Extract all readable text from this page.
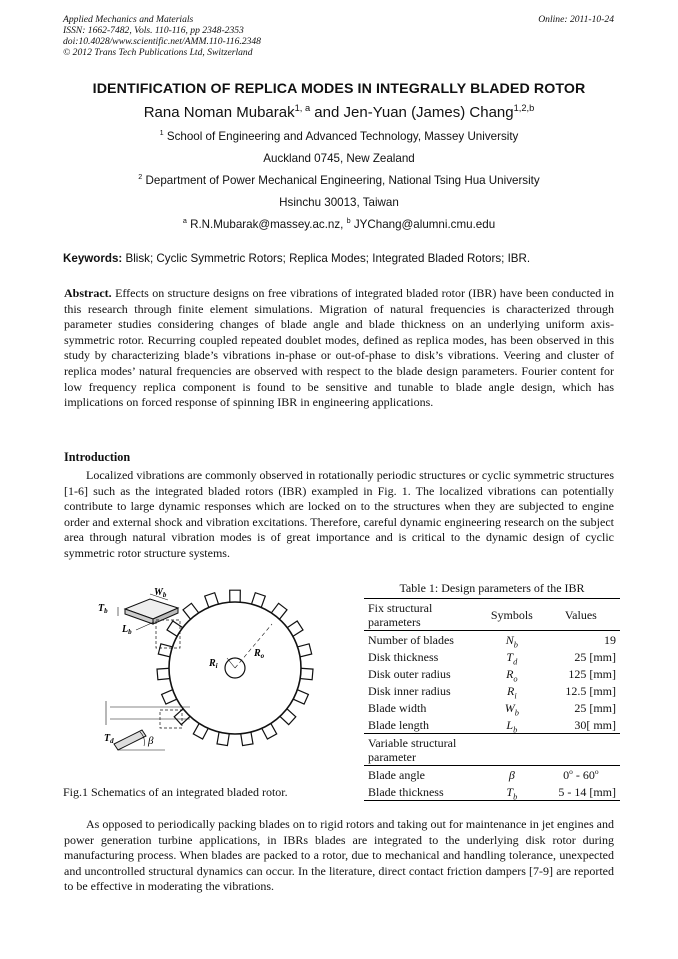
Applied Mechanics and Materials
ISSN: 1662-7482, Vols. 110-116, pp 2348-2353
doi:10.4028/www.scientific.net/AMM.110-116.2348
© 2012 Trans Tech Publications Ltd, Switzerland
Online: 2011-10-24
IDENTIFICATION OF REPLICA MODES IN INTEGRALLY BLADED ROTOR
Rana Noman Mubarak$^{1, a}$ and Jen-Yuan (James) Chang$^{1,2,b}$
$^1$ School of Engineering and Advanced Technology, Massey University
Auckland 0745, New Zealand
$^2$ Department of Power Mechanical Engineering, National Tsing Hua University
Hsinchu 30013, Taiwan
$^a$ R.N.Mubarak@massey.ac.nz, $^b$ JYChang@alumni.cmu.edu
Keywords: Blisk; Cyclic Symmetric Rotors; Replica Modes; Integrated Bladed Rotors; IBR.

Abstract. Effects on structure designs on free vibrations of integrated bladed rotor (IBR) have been conducted in this research through finite element simulations. Migration of natural frequencies is characterized through parameter studies considering changes of blade angle and blade thickness on an underlying uniform axis-symmetric rotor. Recurring coupled repeated doublet modes, defined as replica modes, has been observed in this study by characterizing blade’s vibrations in-phase or out-of-phase to disk’s vibrations. Veering and cluster of replica modes’ natural frequencies are observed with respect to the blade design parameters. Fourier content for low frequency replica component is found to be sensitive and tunable to blade angle design, which has implications on forced response of spinning IBR in engineering applications.

Introduction

Localized vibrations are commonly observed in rotationally periodic structures or cyclic symmetric structures [1-6] such as the integrated bladed rotors (IBR) exampled in Fig. 1. The localized vibrations can potentially contribute to large dynamic responses which are locked on to the structures when they are subjected to engine order and external shock and vibration excitations. Therefore, careful dynamic engineering research on the subject area through natural vibration modes is of great importance and is critical to the dynamic design of cyclic symmetric rotor structure systems.

$W_b$
$T_b$
$L_b$
$R_i$
$R_o$
$T_d$	β
Fig.1 Schematics of an integrated bladed rotor.
Table 1: Design parameters of the IBR
Fix structural parameters	Symbols	Values
Number of blades	$N_b$	19
Disk thickness	$T_d$	25 [mm]
Disk outer radius	$R_o$	125 [mm]
Disk inner radius	$R_i$	12.5 [mm]
Blade width	$W_b$	25 [mm]
Blade length	$L_b$	30[ mm]

Variable structural parameter		

Blade angle	β	0$^o$ - 60$^o$
Blade thickness	$T_b$	5 - 14 [mm]

As opposed to periodically packing blades on to rigid rotors and taking out for maintenance in jet engines and power generation turbine applications, in IBRs blades are integrated to the underlying disk rotor during manufacturing process. When blades are packed to a rotor, due to mechanical and handling tolerance, unexpected and uncontrolled structural dynamics can occur. In the literature, direct contact friction dampers [7-9] are reported to be effective in moderating the vibrations.
